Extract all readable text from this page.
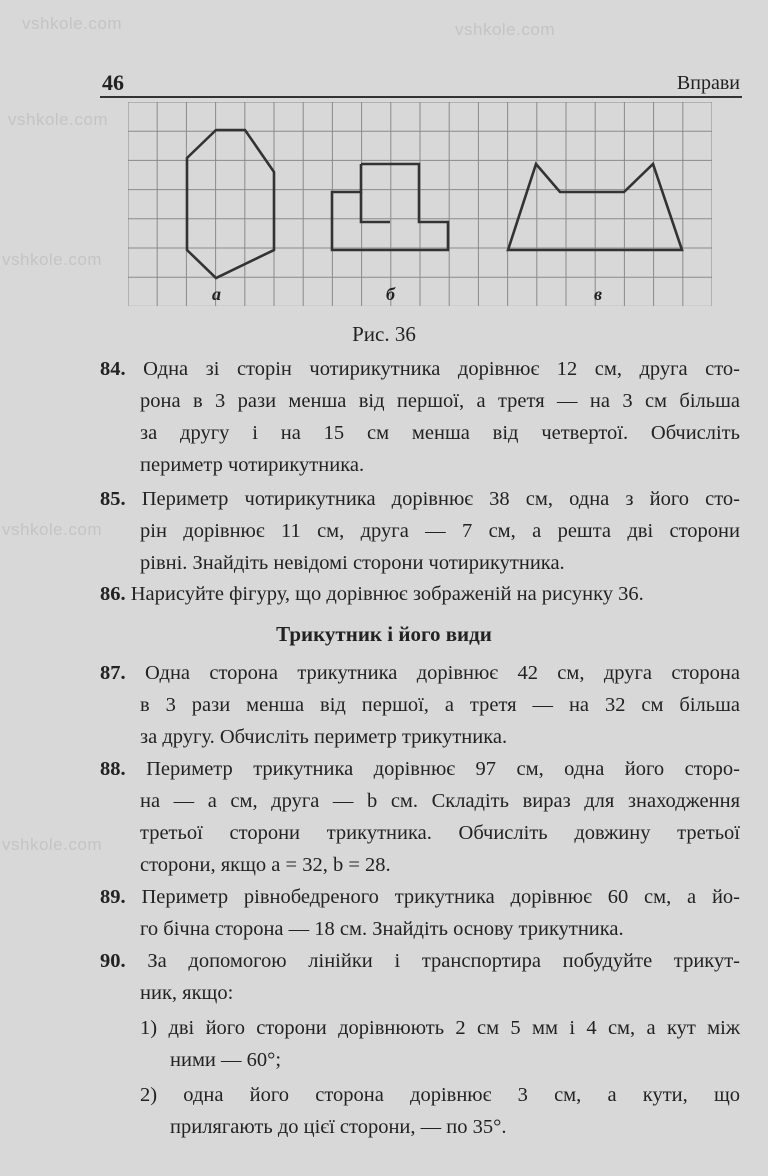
vshkole.com	vshkole.com
vshkole.com
vshkole.com
vshkole.com
vshkole.com
46	Вправи
а	б	в
Рис. 36
84. Одна зі сторін чотирикутника дорівнює 12 см, друга сто-
рона в 3 рази менша від першої, а третя — на 3 см більша
за другу і на 15 см менша від четвертої. Обчисліть
периметр чотирикутника.
85. Периметр чотирикутника дорівнює 38 см, одна з його сто-
рін дорівнює 11 см, друга — 7 см, а решта дві сторони
рівні. Знайдіть невідомі сторони чотирикутника.
86. Нарисуйте фігуру, що дорівнює зображеній на рисунку 36.
Трикутник і його види
87. Одна сторона трикутника дорівнює 42 см, друга сторона
в 3 рази менша від першої, а третя — на 32 см більша
за другу. Обчисліть периметр трикутника.
88. Периметр трикутника дорівнює 97 см, одна його сторо-
на — a см, друга — b см. Складіть вираз для знаходження
третьої сторони трикутника. Обчисліть довжину третьої
сторони, якщо a = 32, b = 28.
89. Периметр рівнобедреного трикутника дорівнює 60 см, а йо-
го бічна сторона — 18 см. Знайдіть основу трикутника.
90. За допомогою лінійки і транспортира побудуйте трикут-
ник, якщо:
1) дві його сторони дорівнюють 2 см 5 мм і 4 см, а кут між
ними — 60°;
2) одна його сторона дорівнює 3 см, а кути, що
прилягають до цієї сторони, — по 35°.
